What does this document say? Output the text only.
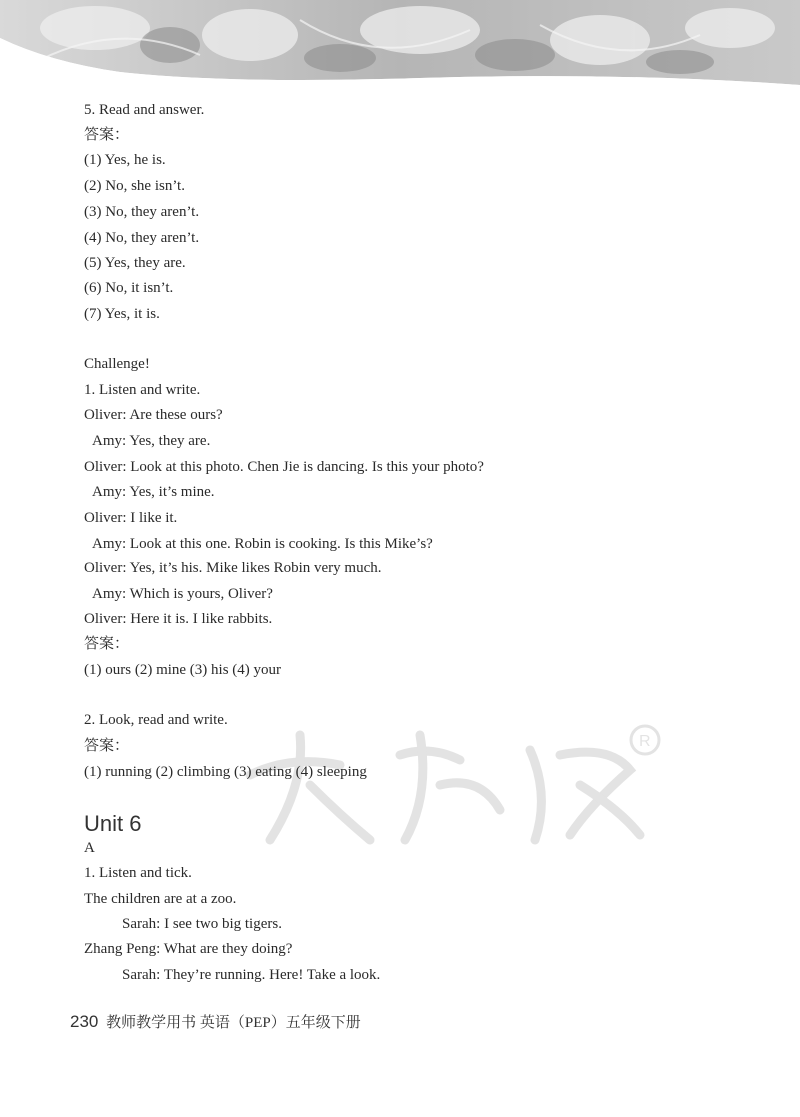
R
5. Read and answer.
答案：
(1) Yes, he is.
(2) No, she isn’t.
(3) No, they aren’t.
(4) No, they aren’t.
(5) Yes, they are.
(6) No, it isn’t.
(7) Yes, it is.
Challenge!
1. Listen and write.
Oliver: Are these ours?
Amy: Yes, they are.
Oliver: Look at this photo. Chen Jie is dancing. Is this your photo?
Amy: Yes, it’s mine.
Oliver: I like it.
Amy: Look at this one. Robin is cooking. Is this Mike’s?
Oliver: Yes, it’s his. Mike likes Robin very much.
Amy: Which is yours, Oliver?
Oliver: Here it is. I like rabbits.
答案：
(1) ours (2) mine (3) his (4) your
2. Look, read and write.
答案：
(1) running (2) climbing (3) eating (4) sleeping
Unit 6
A
1. Listen and tick.
The children are at a zoo.
Sarah: I see two big tigers.
Zhang Peng: What are they doing?
Sarah: They’re running. Here! Take a look.
230 教师教学用书 英语（PEP）五年级下册
